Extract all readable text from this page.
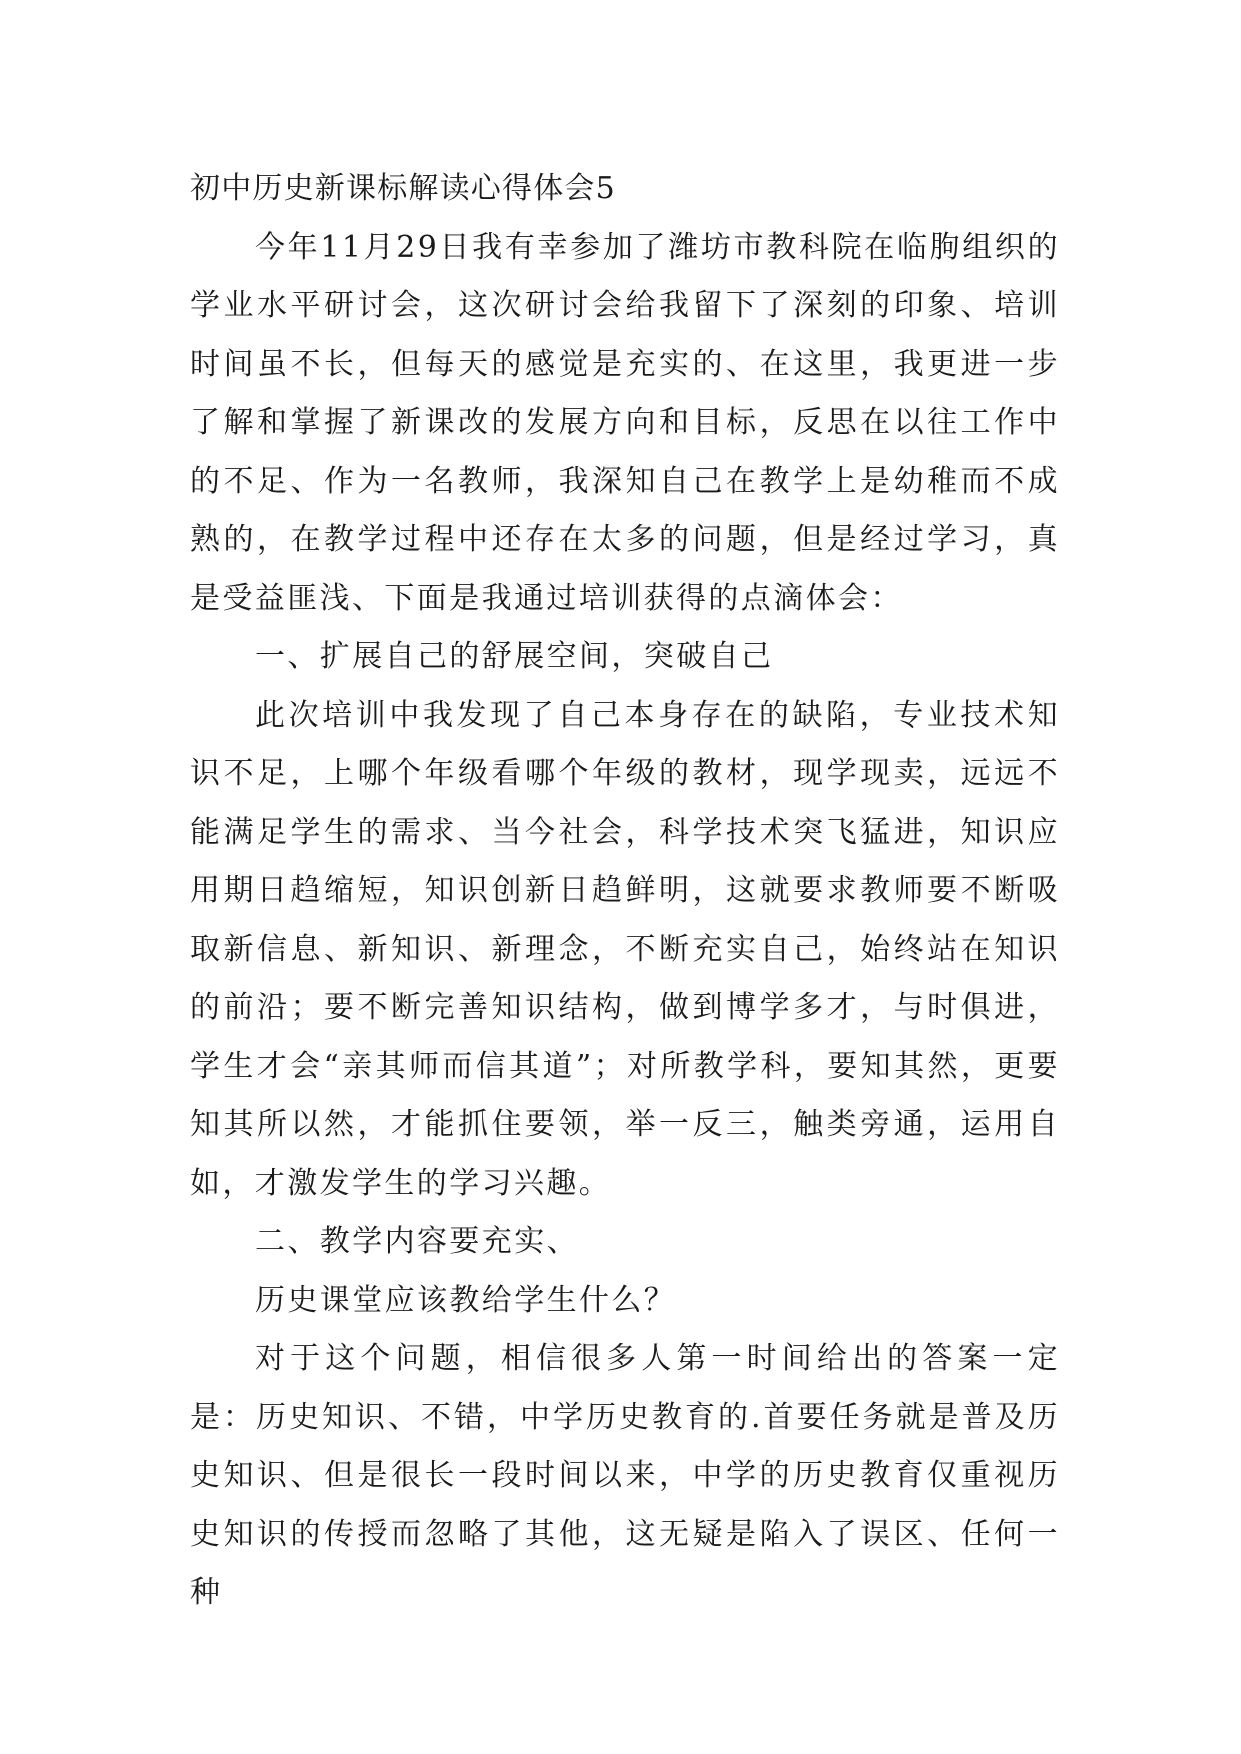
初中历史新课标解读心得体会5

今年11月29日我有幸参加了潍坊市教科院在临朐组织的学业水平研讨会，这次研讨会给我留下了深刻的印象、培训时间虽不长，但每天的感觉是充实的、在这里，我更进一步了解和掌握了新课改的发展方向和目标，反思在以往工作中的不足、作为一名教师，我深知自己在教学上是幼稚而不成熟的，在教学过程中还存在太多的问题，但是经过学习，真是受益匪浅、下面是我通过培训获得的点滴体会：

一、扩展自己的舒展空间，突破自己

此次培训中我发现了自己本身存在的缺陷，专业技术知识不足，上哪个年级看哪个年级的教材，现学现卖，远远不能满足学生的需求、当今社会，科学技术突飞猛进，知识应用期日趋缩短，知识创新日趋鲜明，这就要求教师要不断吸取新信息、新知识、新理念，不断充实自己，始终站在知识的前沿；要不断完善知识结构，做到博学多才，与时俱进，学生才会“亲其师而信其道”；对所教学科，要知其然，更要知其所以然，才能抓住要领，举一反三，触类旁通，运用自如，才激发学生的学习兴趣。

二、教学内容要充实、

历史课堂应该教给学生什么？

对于这个问题，相信很多人第一时间给出的答案一定是：历史知识、不错，中学历史教育的.首要任务就是普及历史知识、但是很长一段时间以来，中学的历史教育仅重视历史知识的传授而忽略了其他，这无疑是陷入了误区、任何一种
